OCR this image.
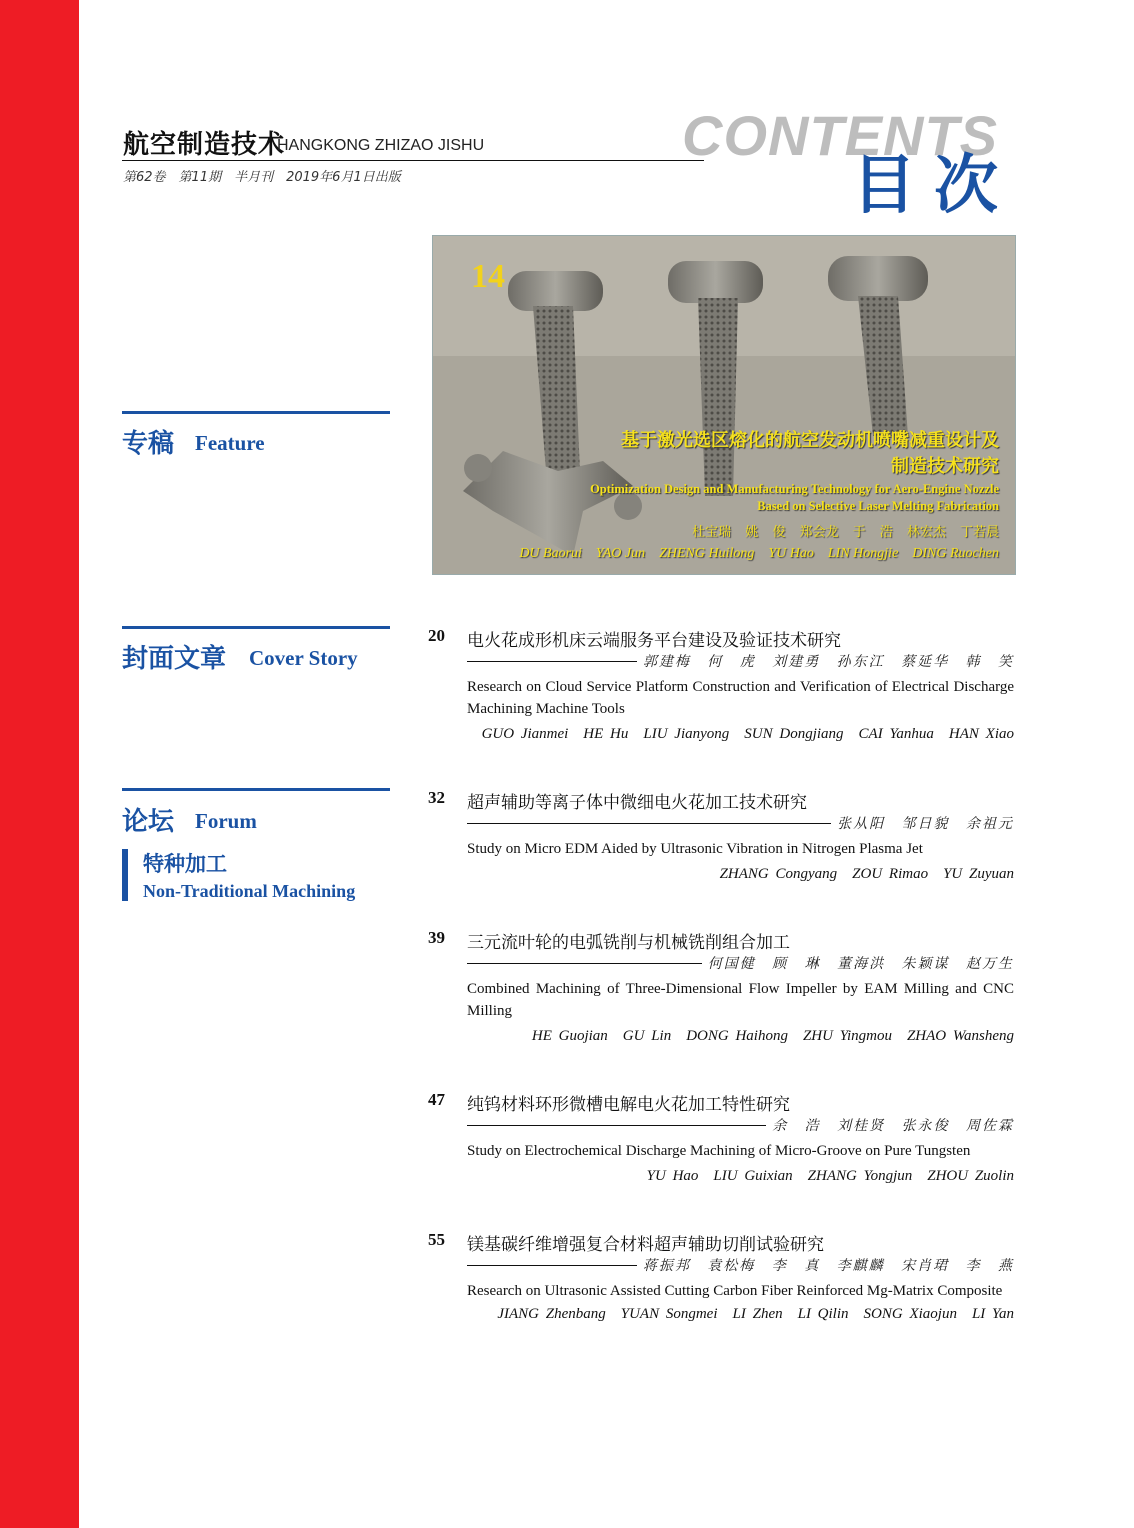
航空制造技术
HANGKONG ZHIZAO JISHU
第62卷　第11期　半月刊　2019年6月1日出版
CONTENTS
目次
14
基于激光选区熔化的航空发动机喷嘴减重设计及
制造技术研究
Optimization Design and Manufacturing Technology for Aero-Engine Nozzle
Based on Selective Laser Melting Fabrication
杜宝瑞 姚 俊 郑会龙 于 浩 林宏杰 丁若晨
DU Baorui　YAO Jun　ZHENG Huilong　YU Hao　LIN Hongjie　DING Ruochen
专稿 Feature
封面文章 Cover Story
论坛 Forum
特种加工
Non-Traditional Machining
20 电火花成形机床云端服务平台建设及验证技术研究
郭建梅 何 虎 刘建勇 孙东江 蔡延华 韩 笑
Research on Cloud Service Platform Construction and Verification of Electrical Discharge Machining Machine Tools
GUO Jianmei　HE Hu　LIU Jianyong　SUN Dongjiang　CAI Yanhua　HAN Xiao
32 超声辅助等离子体中微细电火花加工技术研究
张从阳 邹日貌 余祖元
Study on Micro EDM Aided by Ultrasonic Vibration in Nitrogen Plasma Jet
ZHANG Congyang　ZOU Rimao　YU Zuyuan
39 三元流叶轮的电弧铣削与机械铣削组合加工
何国健 顾 琳 董海洪 朱颖谋 赵万生
Combined Machining of Three-Dimensional Flow Impeller by EAM Milling and CNC Milling
HE Guojian　GU Lin　DONG Haihong　ZHU Yingmou　ZHAO Wansheng
47 纯钨材料环形微槽电解电火花加工特性研究
余 浩 刘桂贤 张永俊 周佐霖
Study on Electrochemical Discharge Machining of Micro-Groove on Pure Tungsten
YU Hao　LIU Guixian　ZHANG Yongjun　ZHOU Zuolin
55 镁基碳纤维增强复合材料超声辅助切削试验研究
蒋振邦 袁松梅 李 真 李麒麟 宋肖珺 李 燕
Research on Ultrasonic Assisted Cutting Carbon Fiber Reinforced Mg-Matrix Composite
JIANG Zhenbang　YUAN Songmei　LI Zhen　LI Qilin　SONG Xiaojun　LI Yan
